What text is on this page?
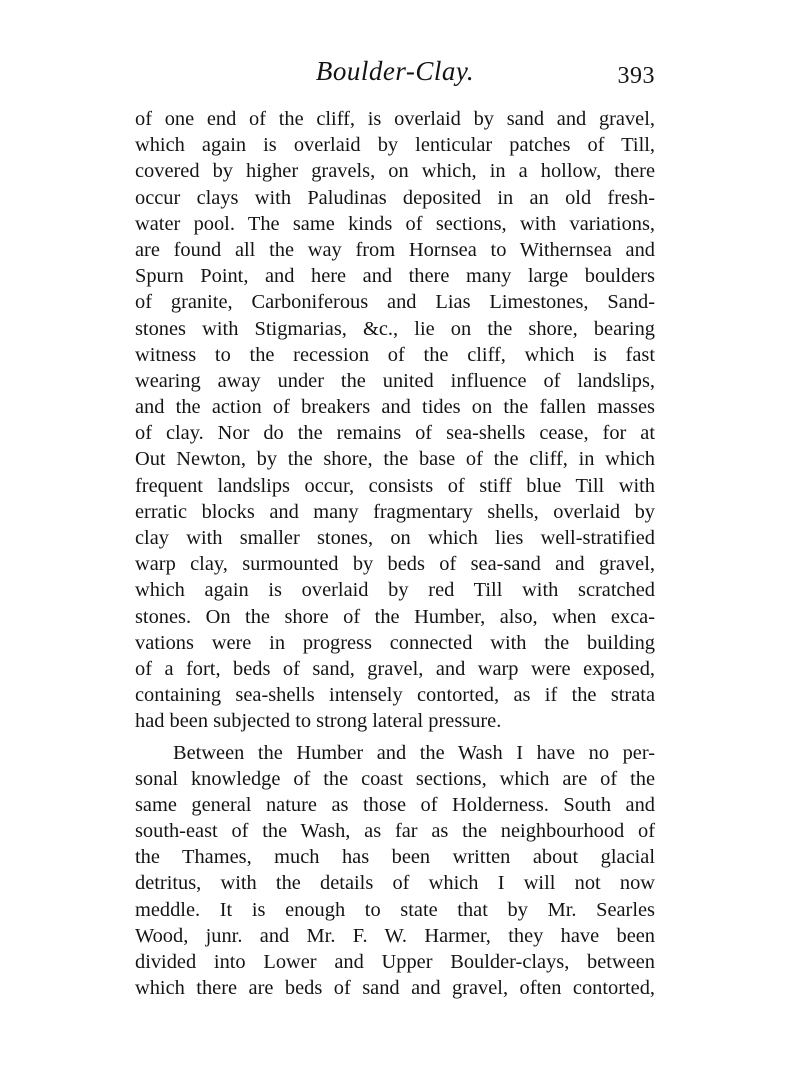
Boulder-Clay.	393
of one end of the cliff, is overlaid by sand and gravel,
which again is overlaid by lenticular patches of Till,
covered by higher gravels, on which, in a hollow, there
occur clays with Paludinas deposited in an old fresh-
water pool. The same kinds of sections, with variations,
are found all the way from Hornsea to Withernsea and
Spurn Point, and here and there many large boulders
of granite, Carboniferous and Lias Limestones, Sand-
stones with Stigmarias, &c., lie on the shore, bearing
witness to the recession of the cliff, which is fast
wearing away under the united influence of landslips,
and the action of breakers and tides on the fallen masses
of clay. Nor do the remains of sea-shells cease, for at
Out Newton, by the shore, the base of the cliff, in which
frequent landslips occur, consists of stiff blue Till with
erratic blocks and many fragmentary shells, overlaid by
clay with smaller stones, on which lies well-stratified
warp clay, surmounted by beds of sea-sand and gravel,
which again is overlaid by red Till with scratched
stones. On the shore of the Humber, also, when exca-
vations were in progress connected with the building
of a fort, beds of sand, gravel, and warp were exposed,
containing sea-shells intensely contorted, as if the strata
had been subjected to strong lateral pressure.
Between the Humber and the Wash I have no per-
sonal knowledge of the coast sections, which are of the
same general nature as those of Holderness. South and
south-east of the Wash, as far as the neighbourhood of
the Thames, much has been written about glacial
detritus, with the details of which I will not now
meddle. It is enough to state that by Mr. Searles
Wood, junr. and Mr. F. W. Harmer, they have been
divided into Lower and Upper Boulder-clays, between
which there are beds of sand and gravel, often contorted,
